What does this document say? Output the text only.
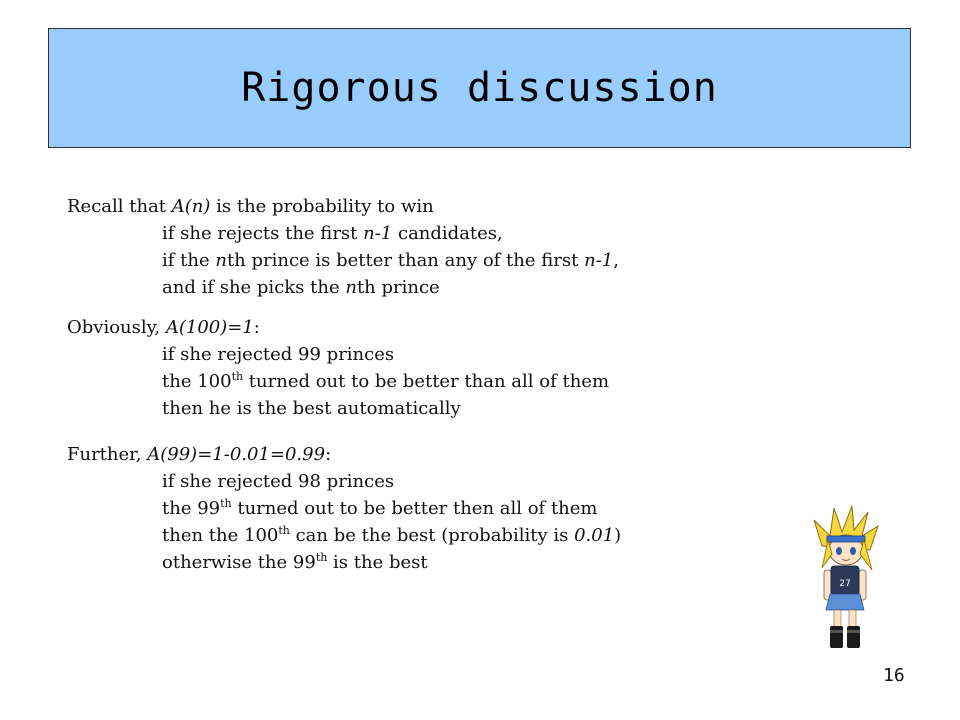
Rigorous discussion
Recall that A(n) is the probability to win
if she rejects the first n-1 candidates,
if the nth prince is better than any of the first n-1,
and if she picks the nth prince
Obviously, A(100)=1:
if she rejected 99 princes
the 100th turned out to be better than all of them
then he is the best automatically
Further, A(99)=1-0.01=0.99:
if she rejected 98 princes
the 99th turned out to be better then all of them
then the 100th can be the best (probability is 0.01)
otherwise the 99th is the best
27
16
